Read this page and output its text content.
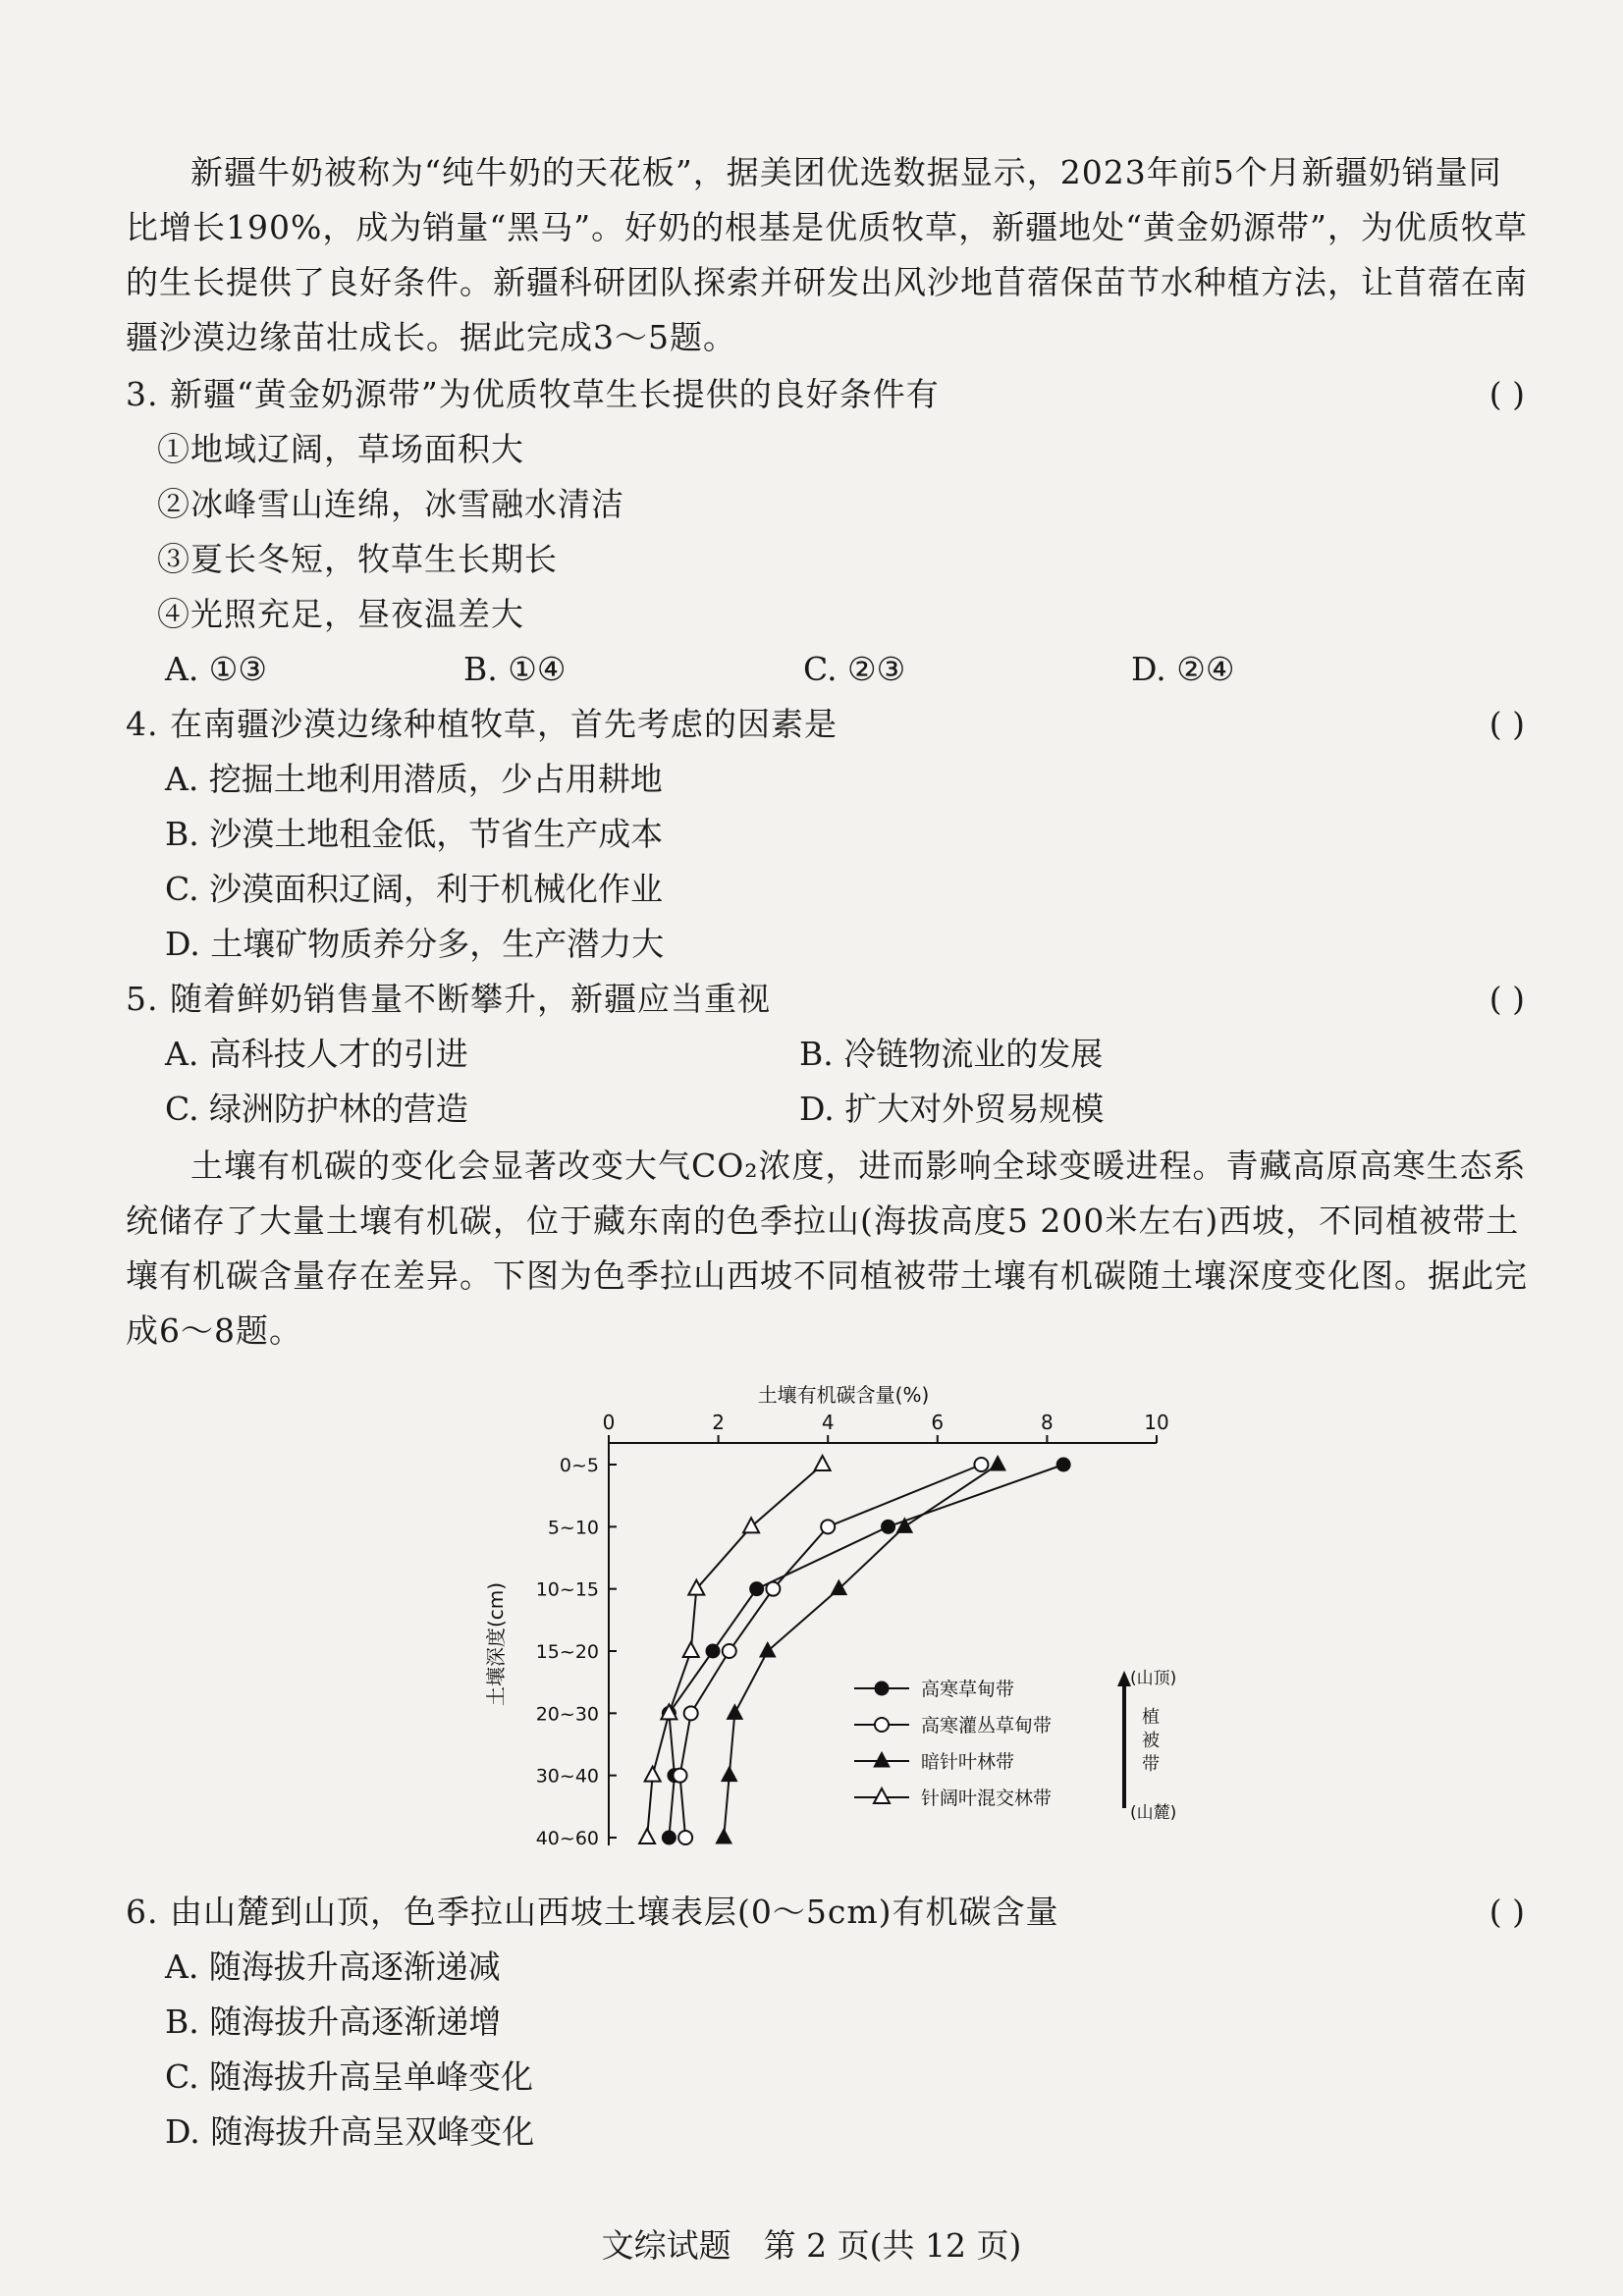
新疆牛奶被称为“纯牛奶的天花板”，据美团优选数据显示，2023年前5个月新疆奶销量同比增长190%，成为销量“黑马”。好奶的根基是优质牧草，新疆地处“黄金奶源带”，为优质牧草的生长提供了良好条件。新疆科研团队探索并研发出风沙地苜蓿保苗节水种植方法，让苜蓿在南疆沙漠边缘苗壮成长。据此完成3～5题。

3. 新疆“黄金奶源带”为优质牧草生长提供的良好条件有	( )
①地域辽阔，草场面积大
②冰峰雪山连绵，冰雪融水清洁
③夏长冬短，牧草生长期长
④光照充足，昼夜温差大
A. ①③	B. ①④	C. ②③	D. ②④
4. 在南疆沙漠边缘种植牧草，首先考虑的因素是	( )
A. 挖掘土地利用潜质，少占用耕地
B. 沙漠土地租金低，节省生产成本
C. 沙漠面积辽阔，利于机械化作业
D. 土壤矿物质养分多，生产潜力大
5. 随着鲜奶销售量不断攀升，新疆应当重视	( )
A. 高科技人才的引进	B. 冷链物流业的发展
C. 绿洲防护林的营造	D. 扩大对外贸易规模

土壤有机碳的变化会显著改变大气CO₂浓度，进而影响全球变暖进程。青藏高原高寒生态系统储存了大量土壤有机碳，位于藏东南的色季拉山(海拔高度5 200米左右)西坡，不同植被带土壤有机碳含量存在差异。下图为色季拉山西坡不同植被带土壤有机碳随土壤深度变化图。据此完成6～8题。

土壤有机碳含量(%)
0	2	4	6	8	10
0~5
5~10
10~15
15~20
20~30
30~40
40~60
土壤深度(cm)	高寒草甸带
高寒灌丛草甸带
暗针叶林带
针阔叶混交林带
(山顶)
植
被
带
(山麓)
6. 由山麓到山顶，色季拉山西坡土壤表层(0～5cm)有机碳含量	( )
A. 随海拔升高逐渐递减
B. 随海拔升高逐渐递增
C. 随海拔升高呈单峰变化
D. 随海拔升高呈双峰变化
文综试题　第 2 页(共 12 页)
